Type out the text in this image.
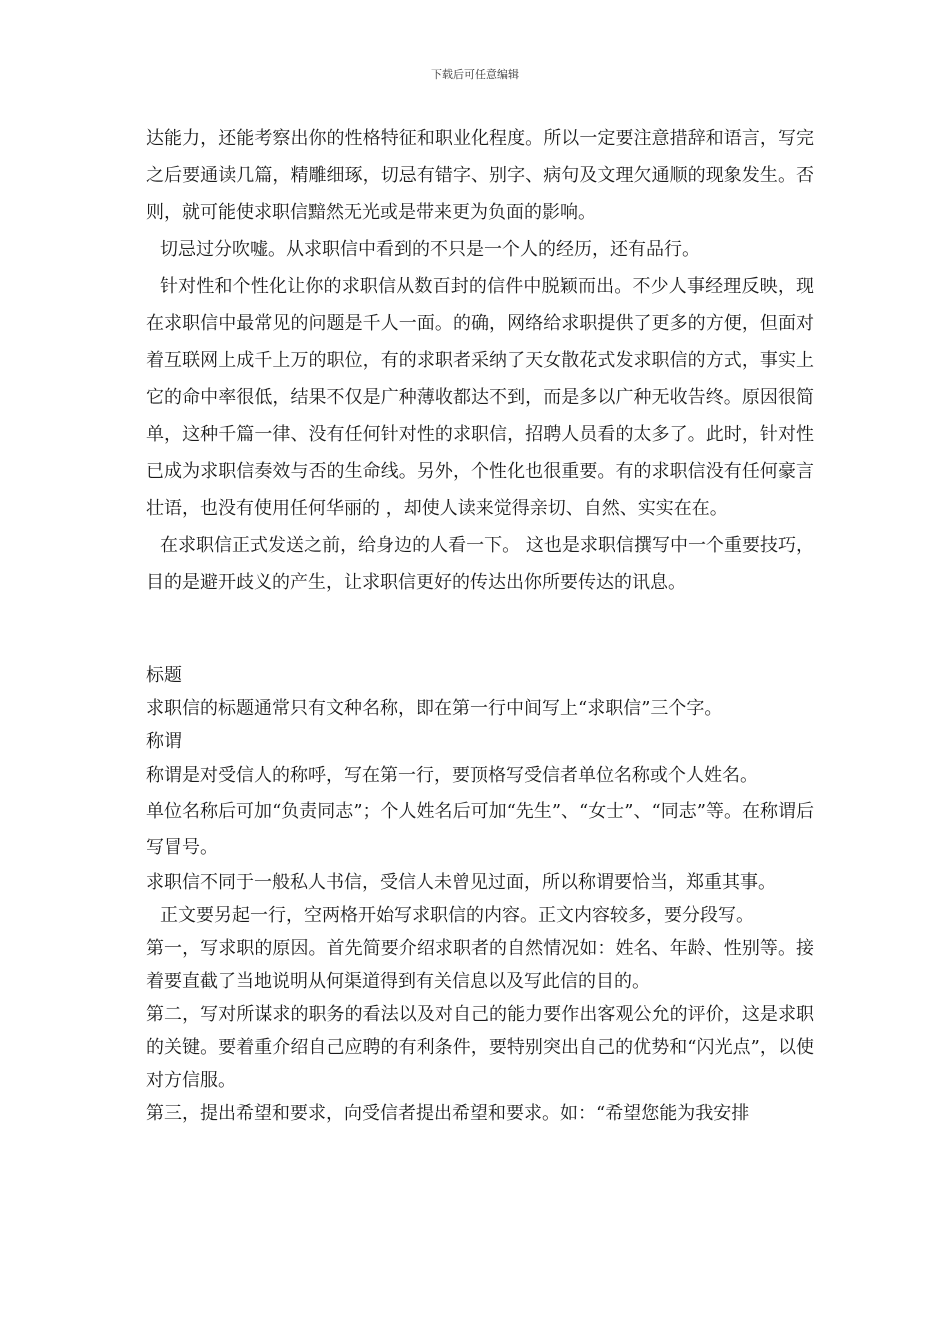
下载后可任意编辑

达能力，还能考察出你的性格特征和职业化程度。所以一定要注意措辞和语言，写完之后要通读几篇，精雕细琢，切忌有错字、别字、病句及文理欠通顺的现象发生。否则，就可能使求职信黯然无光或是带来更为负面的影响。

切忌过分吹嘘。从求职信中看到的不只是一个人的经历，还有品行。

针对性和个性化让你的求职信从数百封的信件中脱颖而出。不少人事经理反映，现在求职信中最常见的问题是千人一面。的确，网络给求职提供了更多的方便，但面对着互联网上成千上万的职位，有的求职者采纳了天女散花式发求职信的方式，事实上它的命中率很低，结果不仅是广种薄收都达不到，而是多以广种无收告终。原因很简单，这种千篇一律、没有任何针对性的求职信，招聘人员看的太多了。此时，针对性已成为求职信奏效与否的生命线。另外，个性化也很重要。有的求职信没有任何豪言壮语，也没有使用任何华丽的 ，却使人读来觉得亲切、自然、实实在在。

在求职信正式发送之前，给身边的人看一下。 这也是求职信撰写中一个重要技巧，目的是避开歧义的产生，让求职信更好的传达出你所要传达的讯息。

标题

求职信的标题通常只有文种名称，即在第一行中间写上“求职信”三个字。

称谓

称谓是对受信人的称呼，写在第一行，要顶格写受信者单位名称或个人姓名。

单位名称后可加“负责同志”；个人姓名后可加“先生”、“女士”、“同志”等。在称谓后写冒号。

求职信不同于一般私人书信，受信人未曾见过面，所以称谓要恰当，郑重其事。

正文要另起一行，空两格开始写求职信的内容。正文内容较多，要分段写。

第一，写求职的原因。首先简要介绍求职者的自然情况如：姓名、年龄、性别等。接着要直截了当地说明从何渠道得到有关信息以及写此信的目的。

第二，写对所谋求的职务的看法以及对自己的能力要作出客观公允的评价，这是求职的关键。要着重介绍自己应聘的有利条件，要特别突出自己的优势和“闪光点”，以使对方信服。

第三，提出希望和要求，向受信者提出希望和要求。如：“希望您能为我安排
